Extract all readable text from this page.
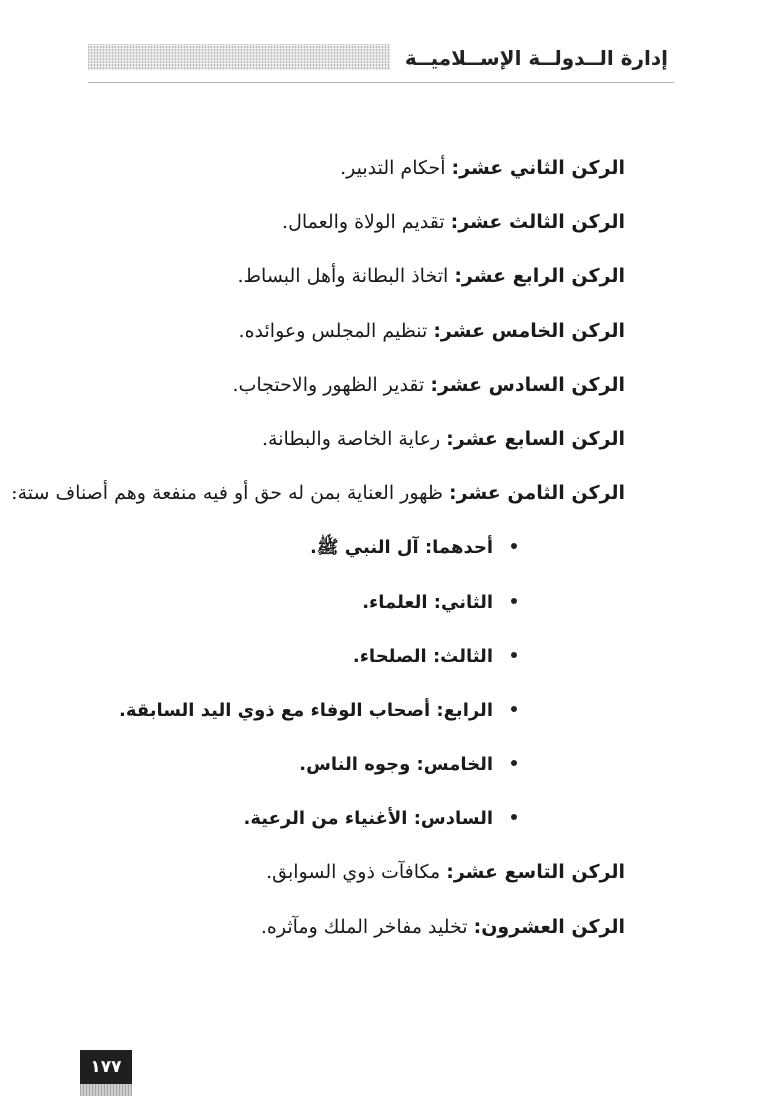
إدارة الــدولــة الإســلاميــة
الركن الثاني عشر:أحكام التدبير.
الركن الثالث عشر:تقديم الولاة والعمال.
الركن الرابع عشر:اتخاذ البطانة وأهل البساط.
الركن الخامس عشر:تنظيم المجلس وعوائده.
الركن السادس عشر:تقدير الظهور والاحتجاب.
الركن السابع عشر:رعاية الخاصة والبطانة.
الركن الثامن عشر:ظهور العناية بمن له حق أو فيه منفعة وهم أصناف ستة:
أحدهما: آل النبي ﷺ.
الثاني: العلماء.
الثالث: الصلحاء.
الرابع: أصحاب الوفاء مع ذوي اليد السابقة.
الخامس: وجوه الناس.
السادس: الأغنياء من الرعية.
الركن التاسع عشر:مكافآت ذوي السوابق.
الركن العشرون:تخليد مفاخر الملك ومآثره.
١٧٧
